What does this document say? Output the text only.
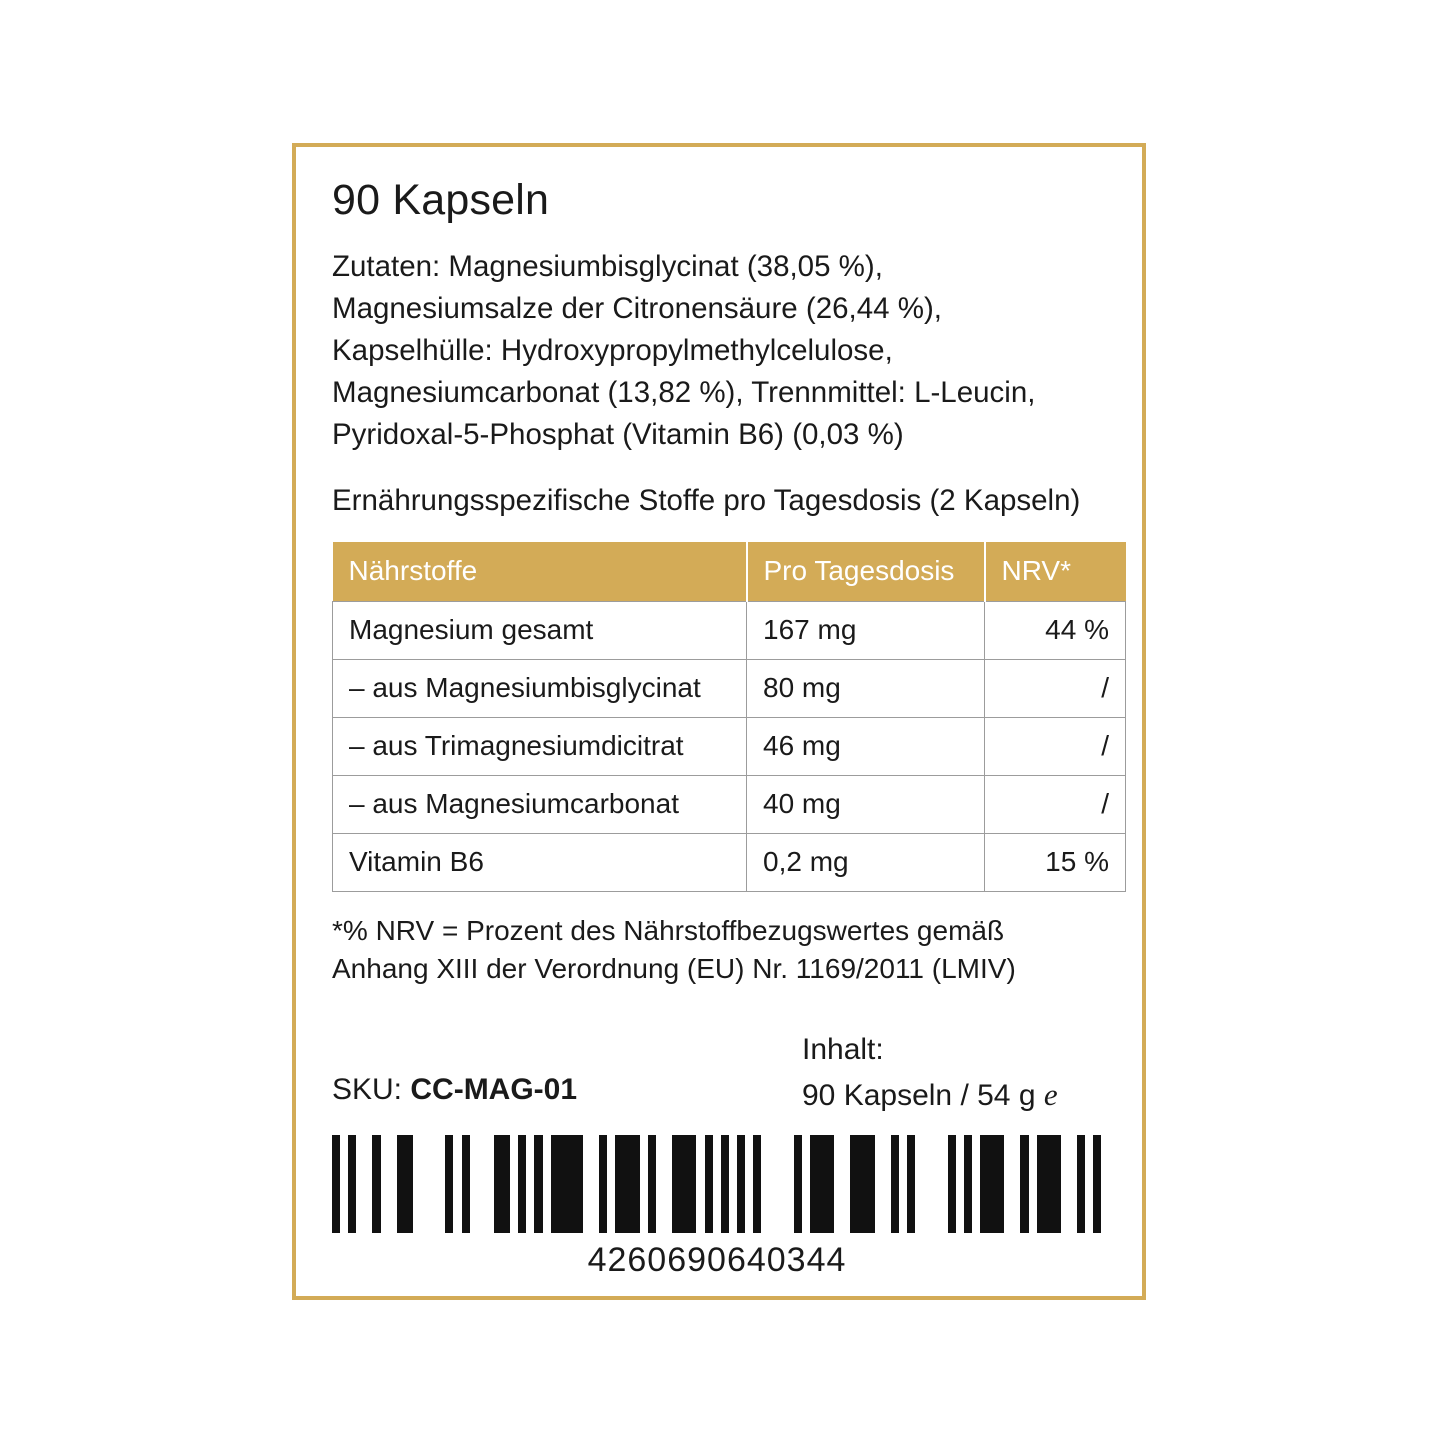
90 Kapseln

Zutaten: Magnesiumbisglycinat (38,05 %), Magnesiumsalze der Citronensäure (26,44 %), Kapselhülle: Hydroxypropylmethylcelulose, Magnesiumcarbonat (13,82 %), Trennmittel: L-Leucin, Pyridoxal-5-Phosphat (Vitamin B6) (0,03 %)

Ernährungsspezifische Stoffe pro Tagesdosis (2 Kapseln)

Nährstoffe	Pro Tagesdosis	NRV*
Magnesium gesamt	167 mg	44 %
– aus Magnesiumbisglycinat	80 mg	/
– aus Trimagnesiumdicitrat	46 mg	/
– aus Magnesiumcarbonat	40 mg	/
Vitamin B6	0,2 mg	15 %

*% NRV = Prozent des Nährstoffbezugswertes gemäß
Anhang XIII der Verordnung (EU) Nr. 1169/2011 (LMIV)

SKU: CC-MAG-01
Inhalt:
90 Kapseln / 54 g e
4260690640344
